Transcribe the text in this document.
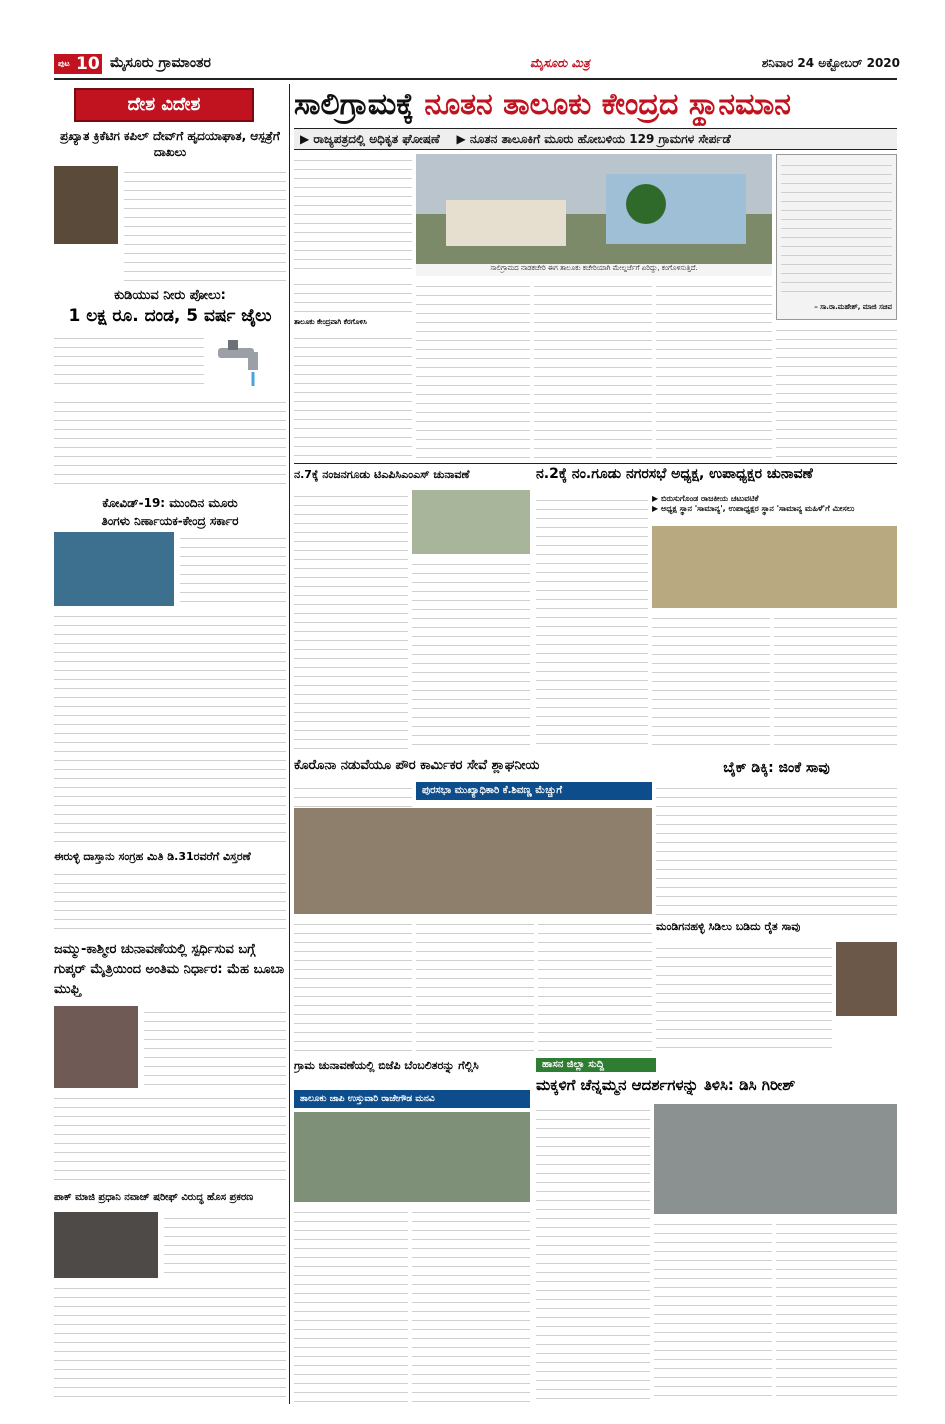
ಪುಟ 10 ಮೈಸೂರು ಗ್ರಾಮಾಂತರ	ಮೈಸೂರು ಮಿತ್ರ	ಶನಿವಾರ 24 ಅಕ್ಟೋಬರ್ 2020
ದೇಶ ವಿದೇಶ
ಪ್ರಖ್ಯಾತ ಕ್ರಿಕೆಟಿಗ ಕಪಿಲ್ ದೇವ್‌ಗೆ ಹೃದಯಾಘಾತ, ಆಸ್ಪತ್ರೆಗೆ ದಾಖಲು
ಕುಡಿಯುವ ನೀರು ಪೋಲು:
1 ಲಕ್ಷ ರೂ. ದಂಡ, 5 ವರ್ಷ ಜೈಲು
ಕೋವಿಡ್-19: ಮುಂದಿನ ಮೂರು
ತಿಂಗಳು ನಿರ್ಣಾಯಕ-ಕೇಂದ್ರ ಸರ್ಕಾರ
ಈರುಳ್ಳಿ ದಾಸ್ತಾನು ಸಂಗ್ರಹ ಮಿತಿ ಡಿ.31ರವರೆಗೆ ವಿಸ್ತರಣೆ
ಜಮ್ಮು-ಕಾಶ್ಮೀರ ಚುನಾವಣೆಯಲ್ಲಿ ಸ್ಪರ್ಧಿಸುವ ಬಗ್ಗೆ ಗುಪ್ಕರ್ ಮೈತ್ರಿಯಿಂದ ಅಂತಿಮ ನಿರ್ಧಾರ: ಮೆಹ ಬೂಬಾ ಮುಫ್ತಿ
ಪಾಕ್ ಮಾಜಿ ಪ್ರಧಾನಿ ನವಾಜ್ ಷರೀಫ್ ವಿರುದ್ಧ ಹೊಸ ಪ್ರಕರಣ
ಸಾಲಿಗ್ರಾಮಕ್ಕೆ ನೂತನ ತಾಲೂಕು ಕೇಂದ್ರದ ಸ್ಥಾನಮಾನ
▶ ರಾಜ್ಯಪತ್ರದಲ್ಲಿ ಅಧಿಕೃತ ಘೋಷಣೆ ▶ ನೂತನ ತಾಲೂಕಿಗೆ ಮೂರು ಹೋಬಳಿಯ 129 ಗ್ರಾಮಗಳ ಸೇರ್ಪಡೆ
ಸಾಲಿಗ್ರಾಮದ ನಾಡಕಚೇರಿ ಈಗ ತಾಲೂಕು ಕಚೇರಿಯಾಗಿ ಮೇಲ್ದರ್ಜೆಗೆ ಏರಿದ್ದು, ಕಂಗೊಳಿಸುತ್ತಿದೆ.
– ಸಾ.ರಾ.ಮಹೇಶ್, ಮಾಜಿ ಸಚಿವ
ತಾಲೂಕು ಕೇಂದ್ರವಾಗಿ ಕೆರಗೊಳಿಸಿ
ನ.7ಕ್ಕೆ ನಂಜನಗೂಡು ಟಿಎಪಿಸಿಎಂಎಸ್ ಚುನಾವಣೆ	ನ.2ಕ್ಕೆ ನಂ.ಗೂಡು ನಗರಸಭೆ ಅಧ್ಯಕ್ಷ, ಉಪಾಧ್ಯಕ್ಷರ ಚುನಾವಣೆ
▶ ಬಿರುಸುಗೊಂಡ ರಾಜಕೀಯ ಚಟುವಟಿಕೆ
▶ ಅಧ್ಯಕ್ಷ ಸ್ಥಾನ 'ಸಾಮಾನ್ಯ', ಉಪಾಧ್ಯಕ್ಷರ ಸ್ಥಾನ 'ಸಾಮಾನ್ಯ ಮಹಿಳೆ'ಗೆ ಮೀಸಲು
ಕೊರೊನಾ ನಡುವೆಯೂ ಪೌರ ಕಾರ್ಮಿಕರ ಸೇವೆ ಶ್ಲಾಘನೀಯ
ಪುರಸಭಾ ಮುಖ್ಯಾಧಿಕಾರಿ ಕೆ.ಶಿವಣ್ಣ ಮೆಚ್ಚುಗೆ
ಬೈಕ್ ಡಿಕ್ಕಿ: ಜಿಂಕೆ ಸಾವು
ಮಂಡಿಗನಹಳ್ಳಿ ಸಿಡಿಲು ಬಡಿದು ರೈತ ಸಾವು
ಗ್ರಾಮ ಚುನಾವಣೆಯಲ್ಲಿ ಬಿಜೆಪಿ ಬೆಂಬಲಿತರನ್ನು ಗೆಲ್ಲಿಸಿ
ತಾಲೂಕು ಜಾಪಿ ಉಸ್ತುವಾರಿ ರಾಜೇಗೌಡ ಮನವಿ
ಹಾಸನ ಜಿಲ್ಲಾ ಸುದ್ದಿ
ಮಕ್ಕಳಿಗೆ ಚೆನ್ನಮ್ಮನ ಆದರ್ಶಗಳನ್ನು ತಿಳಿಸಿ: ಡಿಸಿ ಗಿರೀಶ್
